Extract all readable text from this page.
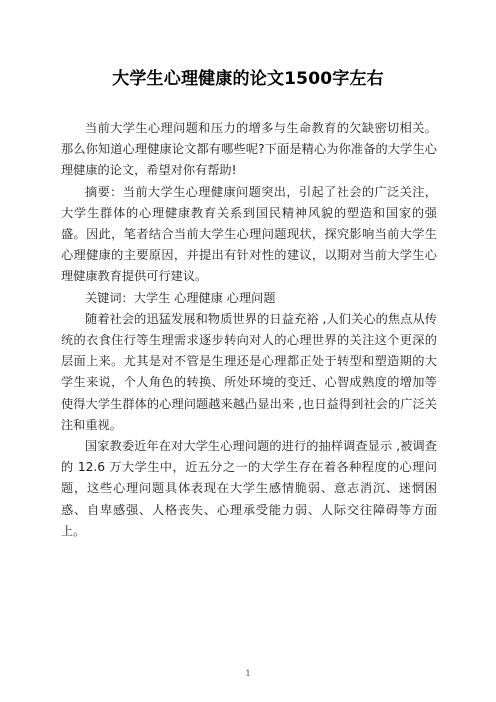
大学生心理健康的论文1500字左右

当前大学生心理问题和压力的增多与生命教育的欠缺密切相关。那么你知道心理健康论文都有哪些呢?下面是精心为你准备的大学生心理健康的论文，希望对你有帮助!

摘要：当前大学生心理健康问题突出，引起了社会的广泛关注，大学生群体的心理健康教育关系到国民精神风貌的塑造和国家的强盛。因此，笔者结合当前大学生心理问题现状，探究影响当前大学生心理健康的主要原因，并提出有针对性的建议，以期对当前大学生心理健康教育提供可行建议。

关键词：大学生 心理健康 心理问题

随着社会的迅猛发展和物质世界的日益充裕 ,人们关心的焦点从传统的衣食住行等生理需求逐步转向对人的心理世界的关注这个更深的层面上来。尤其是对不管是生理还是心理都正处于转型和塑造期的大学生来说，个人角色的转换、所处环境的变迁、心智成熟度的增加等使得大学生群体的心理问题越来越凸显出来 ,也日益得到社会的广泛关注和重视。

国家教委近年在对大学生心理问题的进行的抽样调查显示 ,被调查的 12.6 万大学生中，近五分之一的大学生存在着各种程度的心理问题，这些心理问题具体表现在大学生感情脆弱、意志消沉、迷惘困惑、自卑感强、人格丧失、心理承受能力弱、人际交往障碍等方面上。

1
